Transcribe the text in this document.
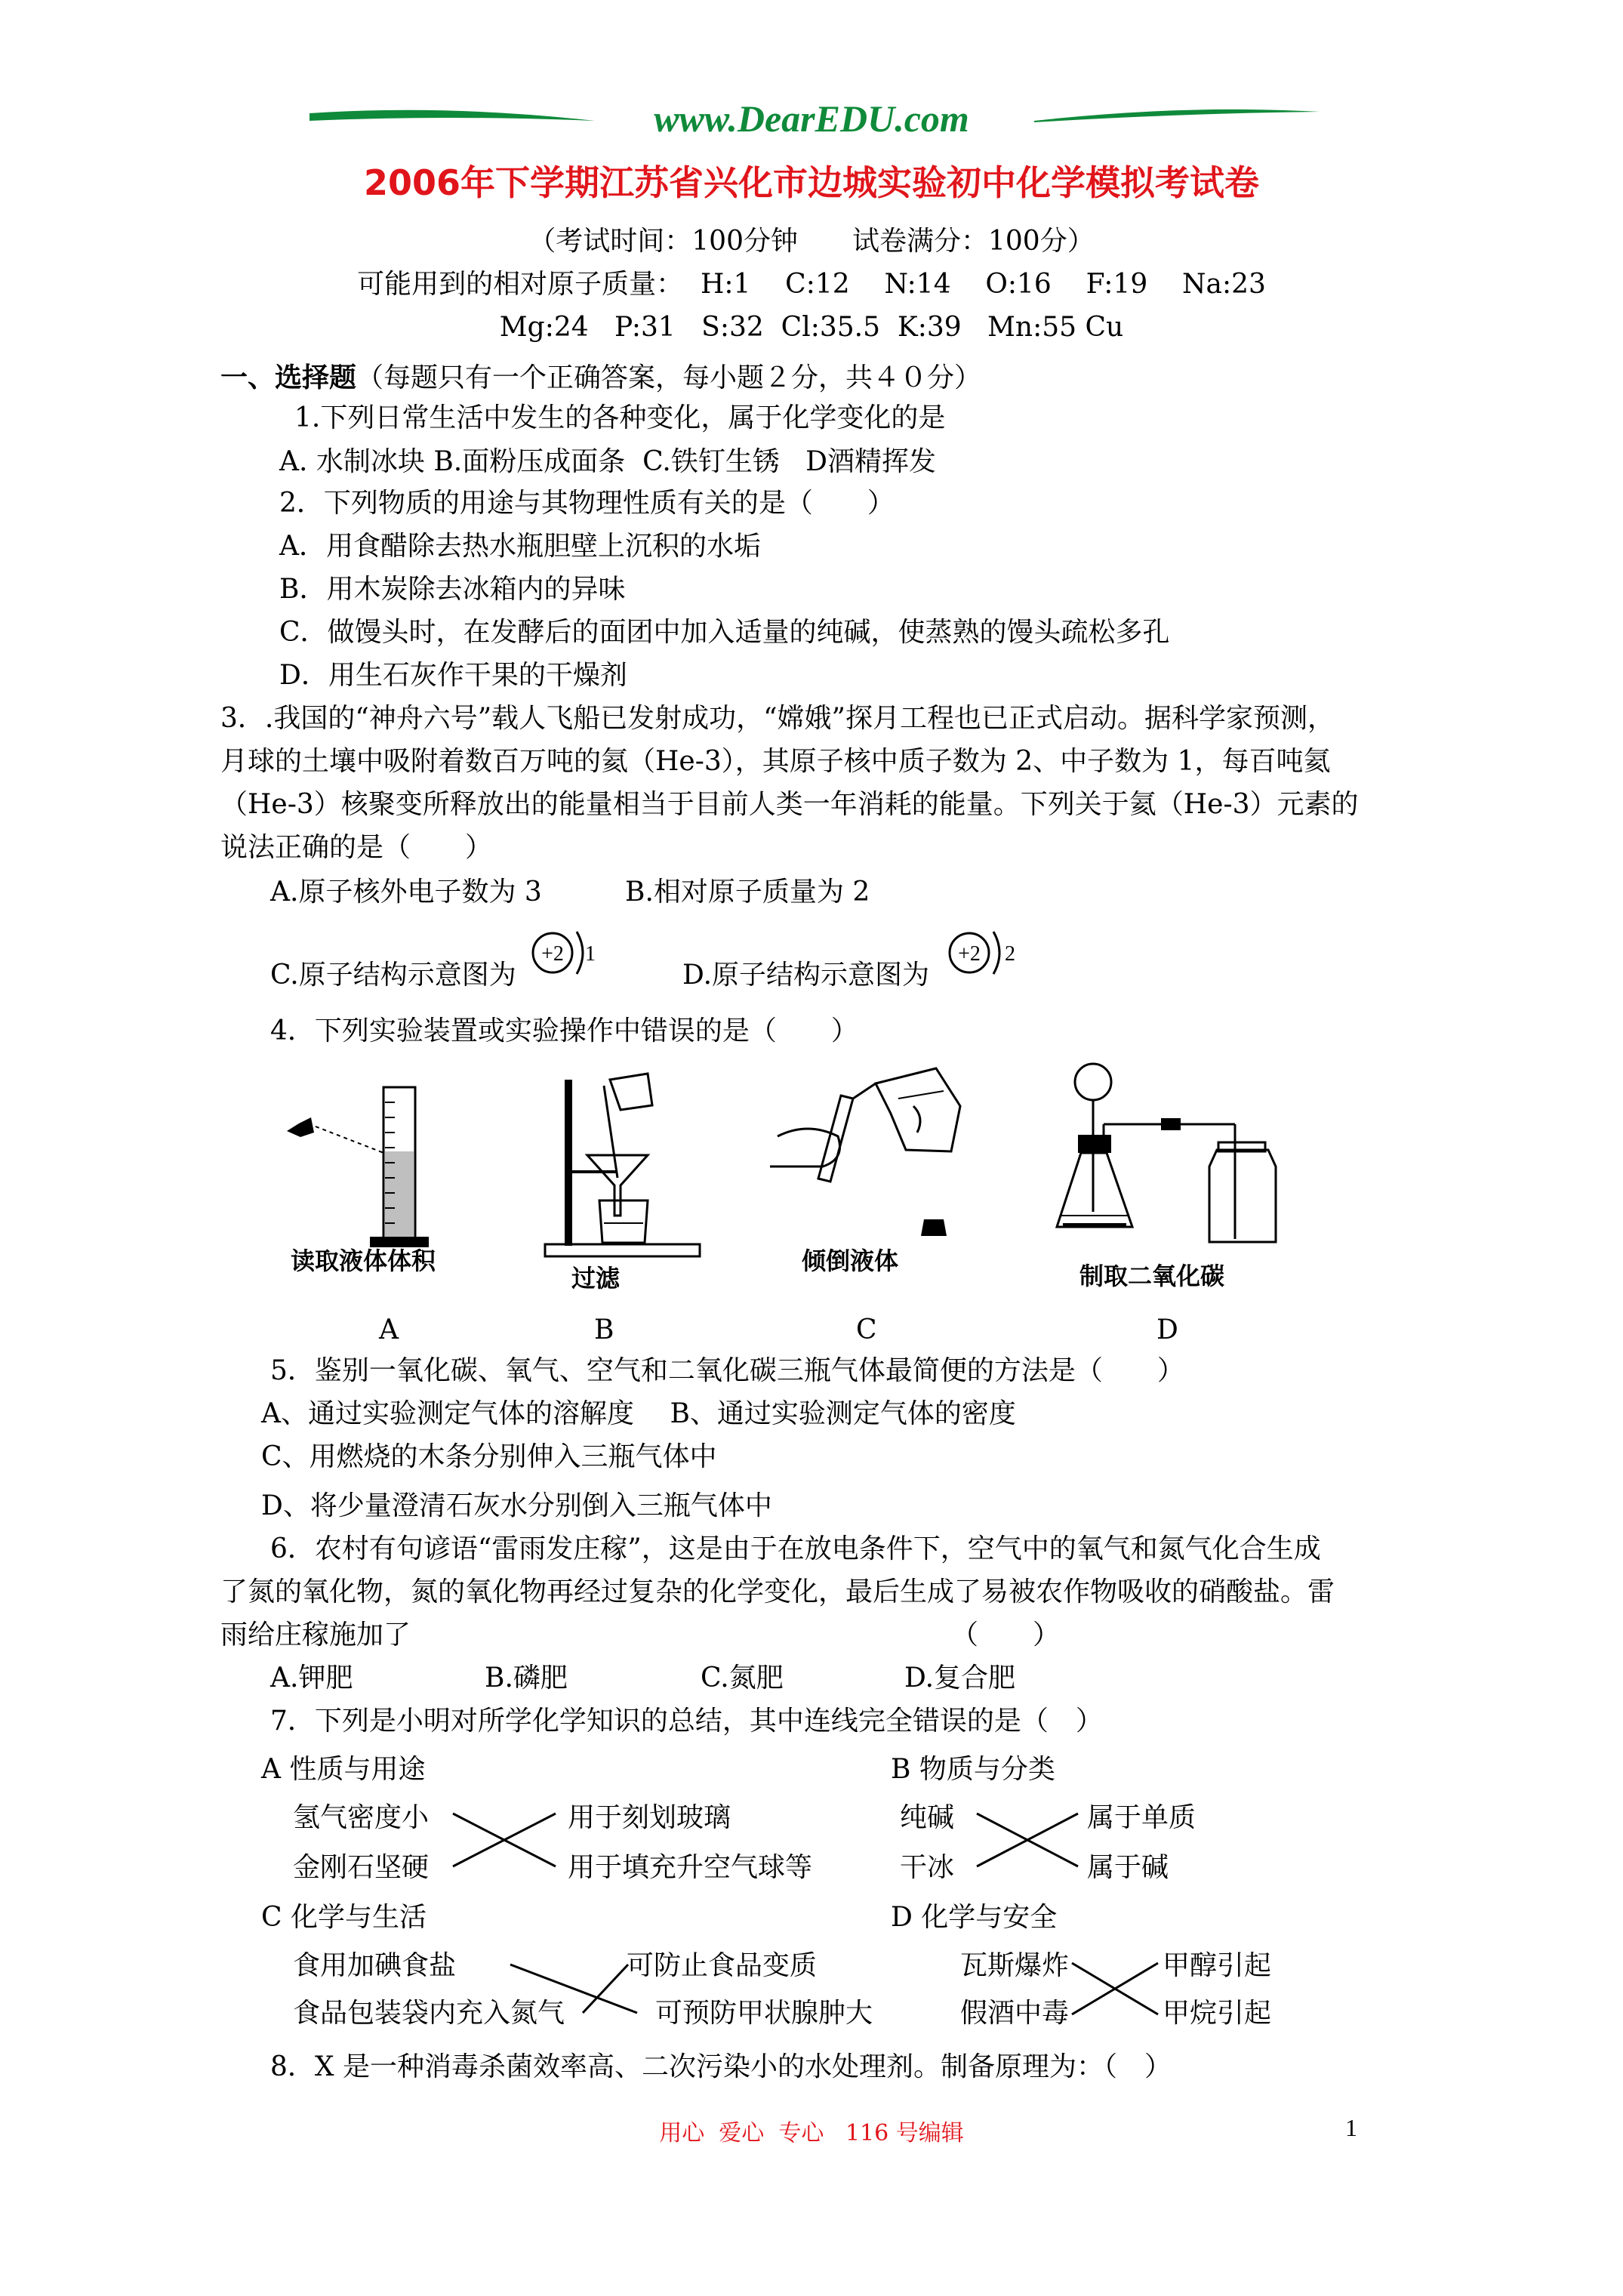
www.DearEDU.com
2006年下学期江苏省兴化市边城实验初中化学模拟考试卷
（考试时间：100分钟　　试卷满分：100分）
可能用到的相对原子质量：  H:1    C:12    N:14    O:16    F:19    Na:23
Mg:24   P:31   S:32  Cl:35.5  K:39   Mn:55 Cu
一、选择题（每题只有一个正确答案，每小题２分，共４０分）
1.下列日常生活中发生的各种变化，属于化学变化的是
A. 水制冰块 B.面粉压成面条  C.铁钉生锈   D酒精挥发
2．下列物质的用途与其物理性质有关的是（　　）
A．用食醋除去热水瓶胆壁上沉积的水垢
B．用木炭除去冰箱内的异味
C．做馒头时，在发酵后的面团中加入适量的纯碱，使蒸熟的馒头疏松多孔
D．用生石灰作干果的干燥剂
3．.我国的“神舟六号”载人飞船已发射成功，“嫦娥”探月工程也已正式启动。据科学家预测，
月球的土壤中吸附着数百万吨的氦（He-3），其原子核中质子数为 2、中子数为 1，每百吨氦
（He-3）核聚变所释放出的能量相当于目前人类一年消耗的能量。下列关于氦（He-3）元素的
说法正确的是（　　）
A.原子核外电子数为 3	B.相对原子质量为 2
C.原子结构示意图为	D.原子结构示意图为
+2 1	+2 2
4．下列实验装置或实验操作中错误的是（　　）
读取液体体积
A
过滤
B
倾倒液体
C
制取二氧化碳
D
5．鉴别一氧化碳、氧气、空气和二氧化碳三瓶气体最简便的方法是（　　）
A、通过实验测定气体的溶解度　 B、通过实验测定气体的密度
C、用燃烧的木条分别伸入三瓶气体中
D、将少量澄清石灰水分别倒入三瓶气体中
6．农村有句谚语“雷雨发庄稼”，这是由于在放电条件下，空气中的氧气和氮气化合生成
了氮的氧化物，氮的氧化物再经过复杂的化学变化，最后生成了易被农作物吸收的硝酸盐。雷
雨给庄稼施加了	（　　）
A.钾肥	B.磷肥	C.氮肥	D.复合肥
7．下列是小明对所学化学知识的总结，其中连线完全错误的是（　）
A 性质与用途
氢气密度小
金刚石坚硬
用于刻划玻璃
用于填充升空气球等
B 物质与分类
纯碱
干冰
属于单质
属于碱
C 化学与生活
食用加碘食盐
食品包装袋内充入氮气
可防止食品变质
可预防甲状腺肿大
D 化学与安全
瓦斯爆炸
假酒中毒
甲醇引起
甲烷引起
8．X 是一种消毒杀菌效率高、二次污染小的水处理剂。制备原理为：（　）
用心  爱心  专心   116 号编辑	1
